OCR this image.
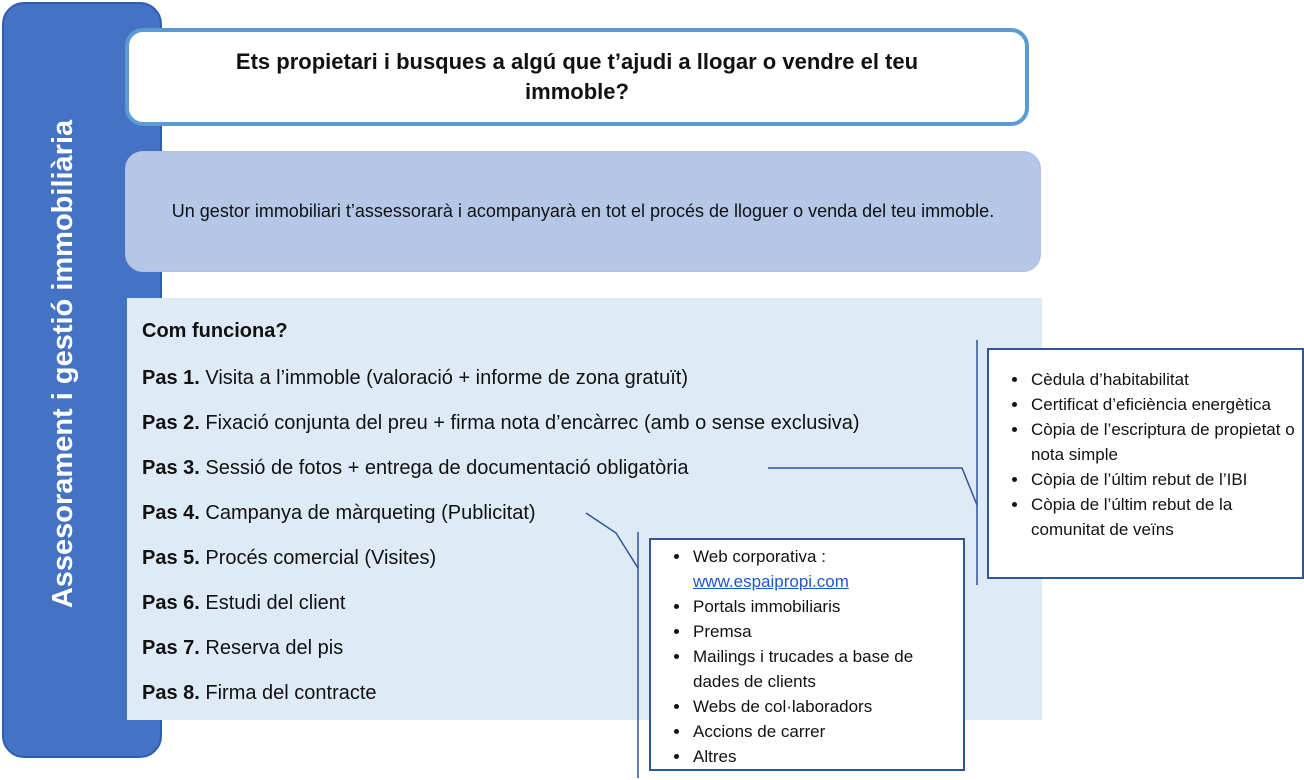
Assesorament i gestió immobiliària
Ets propietari i busques a algú que t’ajudi a llogar o vendre el teu immoble?
Un gestor immobiliari t’assessorarà i acompanyarà en tot el procés de lloguer o venda del teu immoble.
Com funciona?
Pas 1. Visita a l’immoble (valoració + informe de zona gratuït)
Pas 2. Fixació conjunta del preu + firma nota d’encàrrec (amb o sense exclusiva)
Pas 3. Sessió de fotos + entrega de documentació obligatòria
Pas 4. Campanya de màrqueting (Publicitat)
Pas 5. Procés comercial (Visites)
Pas 6. Estudi del client
Pas 7. Reserva del pis
Pas 8. Firma del contracte
• Cèdula d’habitabilitat
• Certificat d’eficiència energètica
• Còpia de l’escriptura de propietat o nota simple
• Còpia de l’últim rebut de l’IBI
• Còpia de l’últim rebut de la comunitat de veïns
• Web corporativa :
www.espaipropi.com
• Portals immobiliaris
• Premsa
• Mailings i trucades a base de dades de clients
• Webs de col·laboradors
• Accions de carrer
• Altres
